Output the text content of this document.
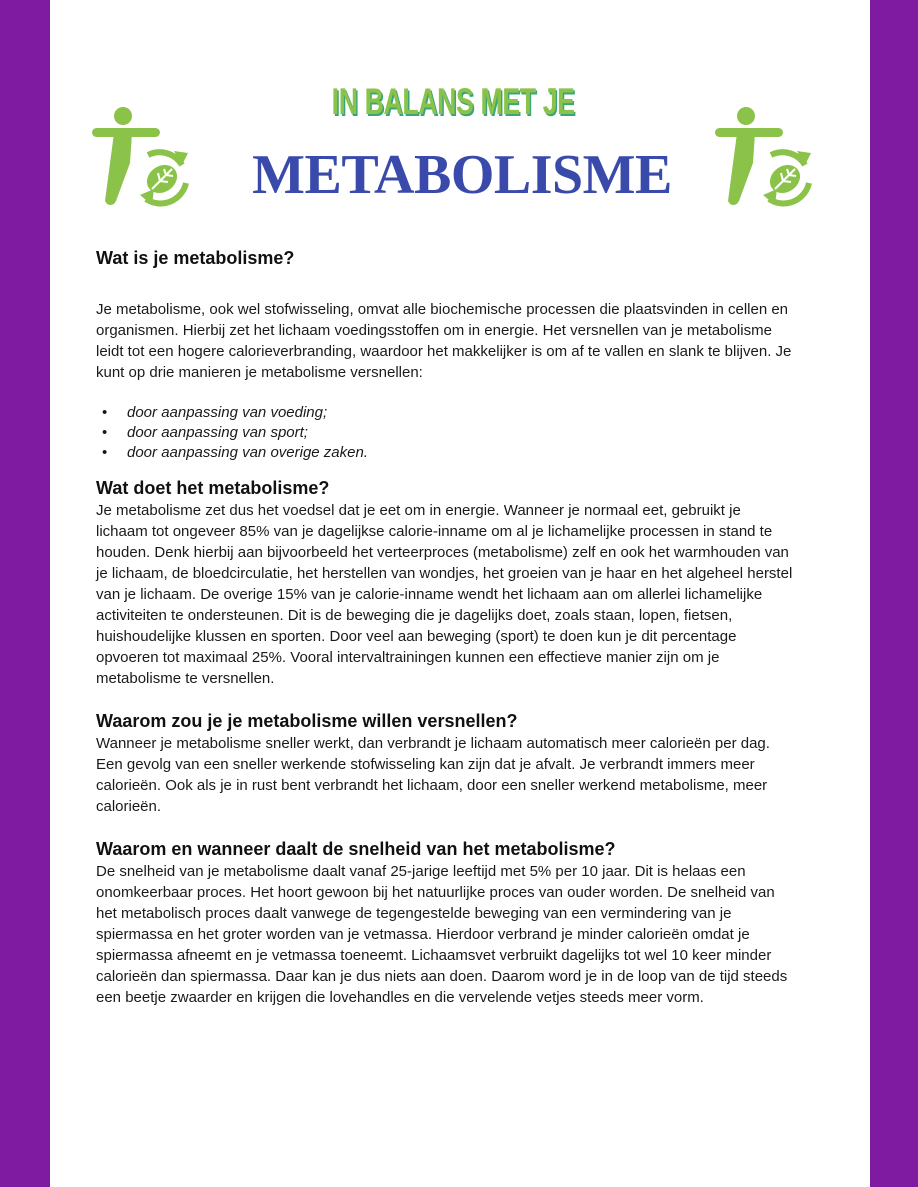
IN BALANS MET JE
METABOLISME
Wat is je metabolisme?

Je metabolisme, ook wel stofwisseling, omvat alle biochemische processen die plaatsvinden in cellen en organismen. Hierbij zet het lichaam voedingsstoffen om in energie. Het versnellen van je metabolisme leidt tot een hogere calorieverbranding, waardoor het makkelijker is om af te vallen en slank te blijven. Je kunt op drie manieren je metabolisme versnellen:

• door aanpassing van voeding;
• door aanpassing van sport;
• door aanpassing van overige zaken.
Wat doet het metabolisme?

Je metabolisme zet dus het voedsel dat je eet om in energie. Wanneer je normaal eet, gebruikt je lichaam tot ongeveer 85% van je dagelijkse calorie-inname om al je lichamelijke processen in stand te houden. Denk hierbij aan bijvoorbeeld het verteerproces (metabolisme) zelf en ook het warmhouden van je lichaam, de bloedcirculatie, het herstellen van wondjes, het groeien van je haar en het algeheel herstel van je lichaam. De overige 15% van je calorie-inname wendt het lichaam aan om allerlei lichamelijke activiteiten te ondersteunen. Dit is de beweging die je dagelijks doet, zoals staan, lopen, fietsen, huishoudelijke klussen en sporten. Door veel aan beweging (sport) te doen kun je dit percentage opvoeren tot maximaal 25%. Vooral intervaltrainingen kunnen een effectieve manier zijn om je metabolisme te versnellen.

Waarom zou je je metabolisme willen versnellen?

Wanneer je metabolisme sneller werkt, dan verbrandt je lichaam automatisch meer calorieën per dag. Een gevolg van een sneller werkende stofwisseling kan zijn dat je afvalt. Je verbrandt immers meer calorieën. Ook als je in rust bent verbrandt het lichaam, door een sneller werkend metabolisme, meer calorieën.

Waarom en wanneer daalt de snelheid van het metabolisme?

De snelheid van je metabolisme daalt vanaf 25-jarige leeftijd met 5% per 10 jaar. Dit is helaas een onomkeerbaar proces. Het hoort gewoon bij het natuurlijke proces van ouder worden. De snelheid van het metabolisch proces daalt vanwege de tegengestelde beweging van een vermindering van je spiermassa en het groter worden van je vetmassa. Hierdoor verbrand je minder calorieën omdat je spiermassa afneemt en je vetmassa toeneemt. Lichaamsvet verbruikt dagelijks tot wel 10 keer minder calorieën dan spiermassa. Daar kan je dus niets aan doen. Daarom word je in de loop van de tijd steeds een beetje zwaarder en krijgen die lovehandles en die vervelende vetjes steeds meer vorm.
